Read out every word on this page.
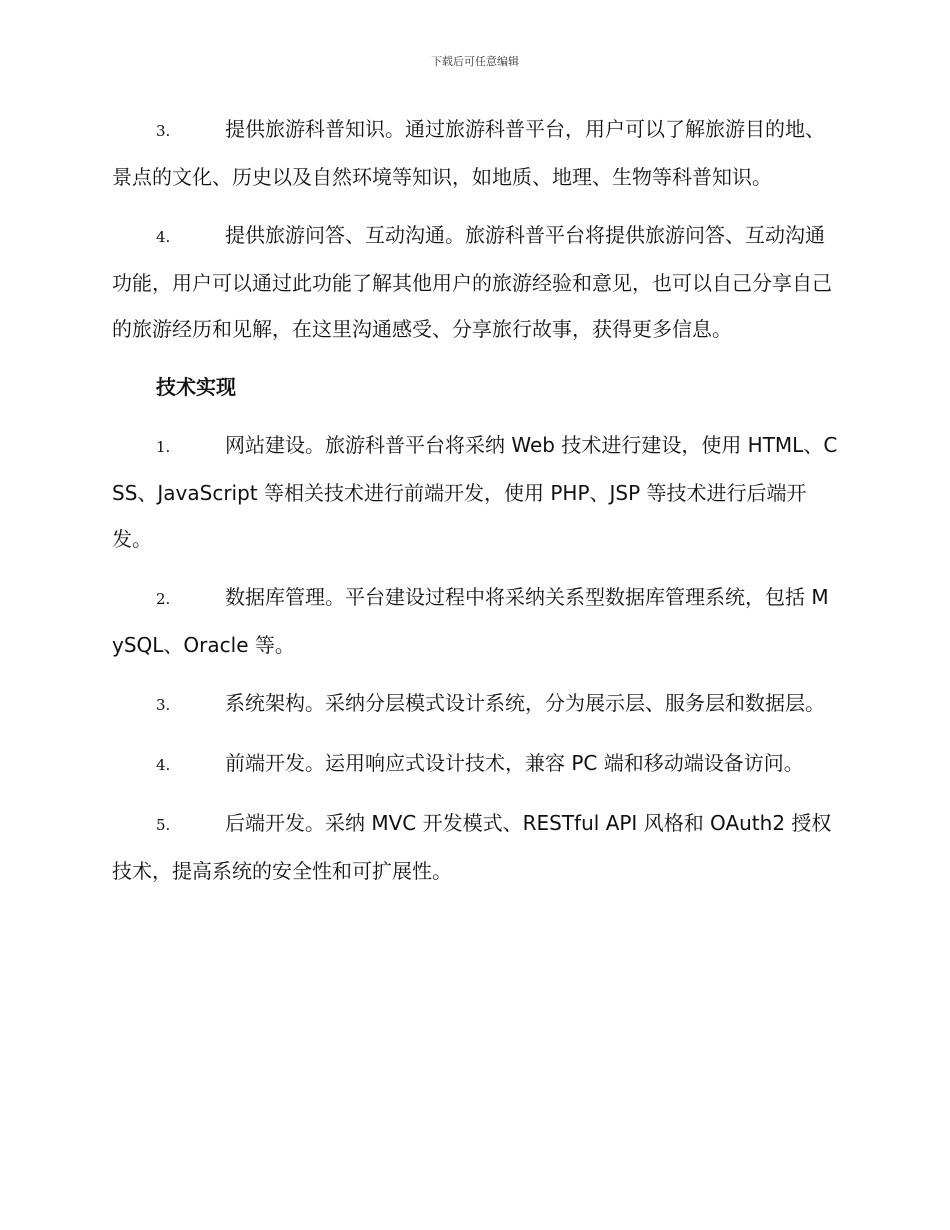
下载后可任意编辑

3.	提供旅游科普知识。通过旅游科普平台，用户可以了解旅游目的地、景点的文化、历史以及自然环境等知识，如地质、地理、生物等科普知识。

4.	提供旅游问答、互动沟通。旅游科普平台将提供旅游问答、互动沟通功能，用户可以通过此功能了解其他用户的旅游经验和意见，也可以自己分享自己的旅游经历和见解，在这里沟通感受、分享旅行故事，获得更多信息。

技术实现

1.	网站建设。旅游科普平台将采纳 Web 技术进行建设，使用 HTML、CSS、JavaScript 等相关技术进行前端开发，使用 PHP、JSP 等技术进行后端开发。

2.	数据库管理。平台建设过程中将采纳关系型数据库管理系统，包括 MySQL、Oracle 等。

3.	系统架构。采纳分层模式设计系统，分为展示层、服务层和数据层。

4.	前端开发。运用响应式设计技术，兼容 PC 端和移动端设备访问。

5.	后端开发。采纳 MVC 开发模式、RESTful API 风格和 OAuth2 授权技术，提高系统的安全性和可扩展性。
